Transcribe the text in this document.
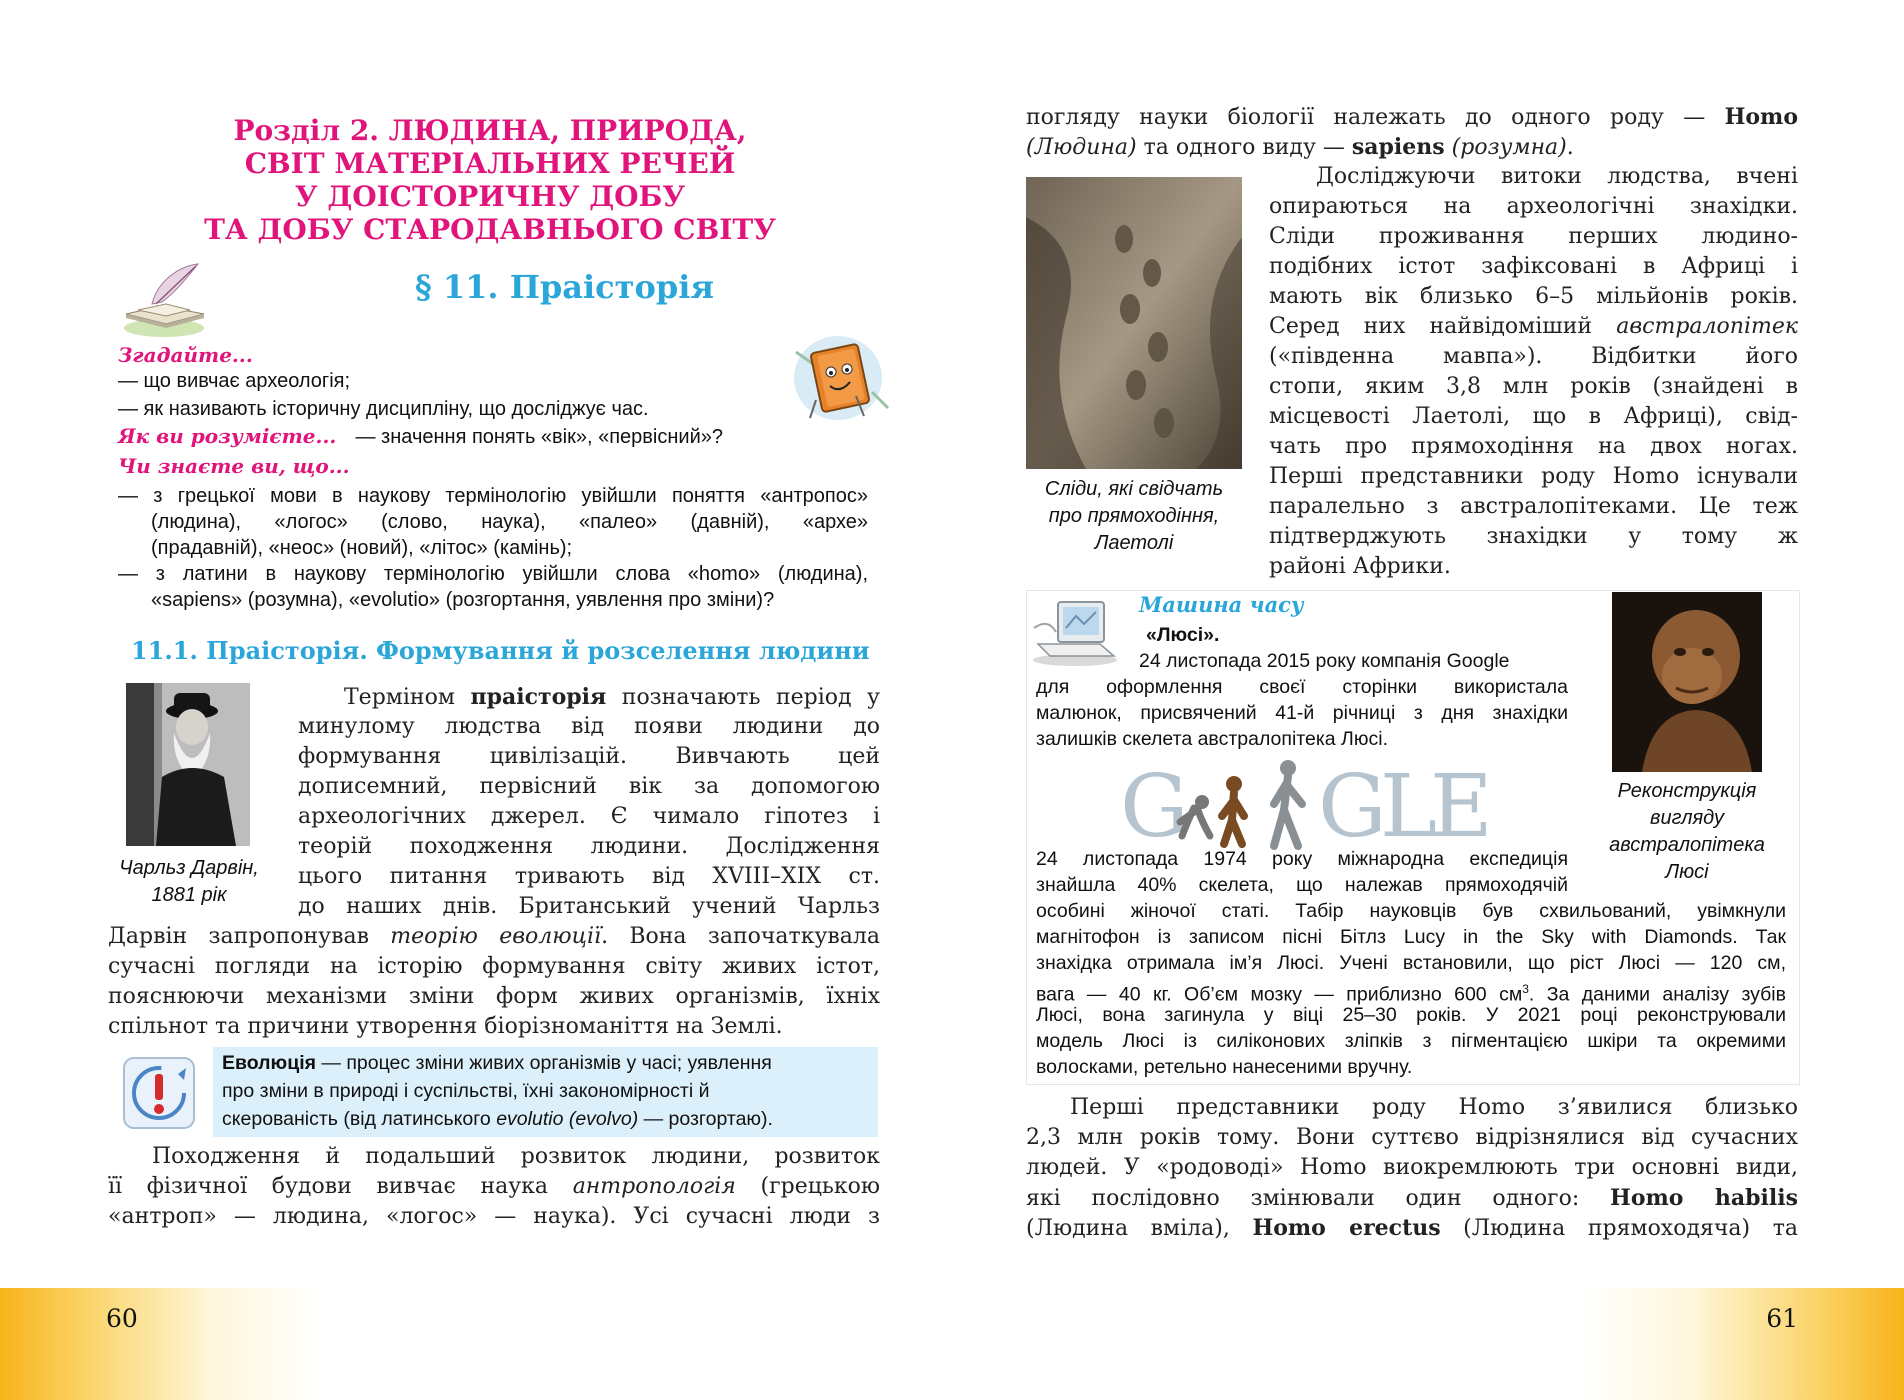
60
Розділ 2. ЛЮДИНА, ПРИРОДА,
СВІТ МАТЕРІАЛЬНИХ РЕЧЕЙ
У ДОІСТОРИЧНУ ДОБУ
ТА ДОБУ СТАРОДАВНЬОГО СВІТУ
§ 11. Праісторія
Згадайте...
— що вивчає археологія;
— як називають історичну дисципліну, що досліджує час.
Як ви розумієте... — значення понять «вік», «первісний»?
Чи знаєте ви, що...
— з грецької мови в наукову термінологію увійшли поняття «антропос»
(людина), «логос» (слово, наука), «палео» (давній), «архе»
(прадавній), «неос» (новий), «літос» (камінь);
— з латини в наукову термінологію увійшли слова «homo» (людина),
«sapiens» (розумна), «evolutio» (розгортання, уявлення про зміни)?
11.1. Праісторія. Формування й розселення людини
Чарльз Дарвін,
1881 рік
Терміном праісторія позначають період у
минулому людства від появи людини до
формування цивілізацій. Вивчають цей
дописемний, первісний вік за допомогою
археологічних джерел. Є чимало гіпотез і
теорій походження людини. Дослідження
цього питання тривають від XVIII–XIX ст.
до наших днів. Британський учений Чарльз
Дарвін запропонував теорію еволюції. Вона започаткувала
сучасні погляди на історію формування світу живих істот,
пояснюючи механізми зміни форм живих організмів, їхніх
спільнот та причини утворення біорізноманіття на Землі.
Еволюція — процес зміни живих організмів у часі; уявлення
про зміни в природі і суспільстві, їхні закономірності й
скерованість (від латинського evolutio (evolvo) — розгортаю).
Походження й подальший розвиток людини, розвиток
її фізичної будови вивчає наука антропологія (грецькою
«антроп» — людина, «логос» — наука). Усі сучасні люди з
61
погляду науки біології належать до одного роду — Homo
(Людина) та одного виду — sapiens (розумна).
Сліди, які свідчать
про прямоходіння,
Лаетолі
Досліджуючи витоки людства, вчені
опираються на археологічні знахідки.
Сліди проживання перших людино-
подібних істот зафіксовані в Африці і
мають вік близько 6–5 мільйонів років.
Серед них найвідоміший австралопітек
(«південна мавпа»). Відбитки його
стопи, яким 3,8 млн років (знайдені в
місцевості Лаетолі, що в Африці), свід-
чать про прямоходіння на двох ногах.
Перші представники роду Homo існували
паралельно з австралопітеками. Це теж
підтверджують знахідки у тому ж
районі Африки.
Машина часу
«Люсі».
24 листопада 2015 року компанія Google
для оформлення своєї сторінки використала
малюнок, присвячений 41-й річниці з дня знахідки
залишків скелета австралопітека Люсі.
G G
L
E	Реконструкція
вигляду
австралопітека
Люсі
24 листопада 1974 року міжнародна експедиція
знайшла 40% скелета, що належав прямоходячій
особині жіночої статі. Табір науковців був схвильований, увімкнули
магнітофон із записом пісні Бітлз Lucy in the Sky with Diamonds. Так
знахідка отримала ім’я Люсі. Учені встановили, що ріст Люсі — 120 см,
вага — 40 кг. Об’єм мозку — приблизно 600 $см^3$. За даними аналізу зубів
Люсі, вона загинула у віці 25–30 років. У 2021 році реконструювали
модель Люсі із силіконових зліпків з пігментацією шкіри та окремими
волосками, ретельно нанесеними вручну.
Перші представники роду Homo з’явилися близько
2,3 млн років тому. Вони суттєво відрізнялися від сучасних
людей. У «родоводі» Homo виокремлюють три основні види,
які послідовно змінювали один одного: Homo habilis
(Людина вміла), Homo erectus (Людина прямоходяча) та
